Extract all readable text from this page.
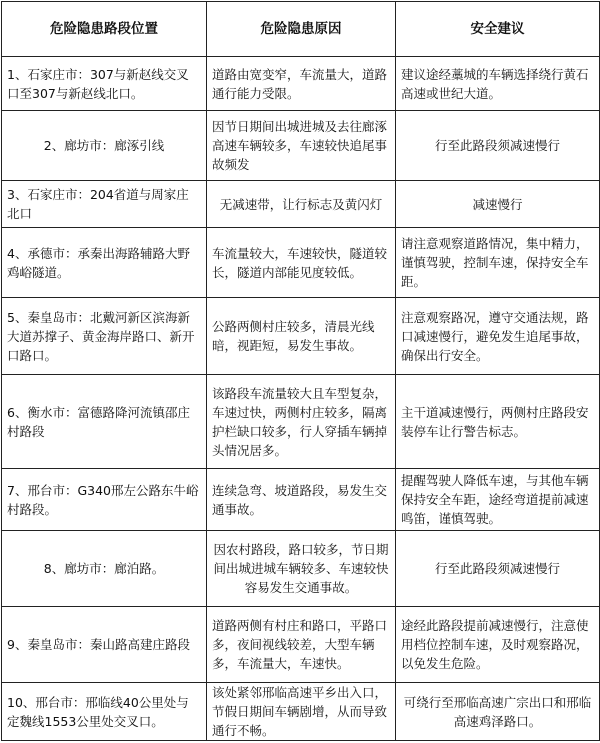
危险隐患路段位置	危险隐患原因	安全建议
1、石家庄市：307与新赵线交叉口至307与新赵线北口。	道路由宽变窄，车流量大，道路通行能力受限。	建议途经藁城的车辆选择绕行黄石高速或世纪大道。
2、廊坊市：廊涿引线	因节日期间出城进城及去往廊涿高速车辆较多，车速较快追尾事故频发	行至此路段须减速慢行
3、石家庄市：204省道与周家庄北口	无减速带，让行标志及黄闪灯	减速慢行
4、承德市：承秦出海路辅路大野鸡峪隧道。	车流量较大，车速较快，隧道较长，隧道内部能见度较低。	请注意观察道路情况，集中精力，谨慎驾驶，控制车速，保持安全车距。
5、秦皇岛市：北戴河新区滨海新大道苏撑子、黄金海岸路口、新开口路口。	公路两侧村庄较多，清晨光线暗，视距短，易发生事故。	注意观察路况，遵守交通法规，路口减速慢行，避免发生追尾事故，确保出行安全。
6、衡水市：富德路降河流镇邵庄村路段	该路段车流量较大且车型复杂，车速过快，两侧村庄较多，隔离护栏缺口较多，行人穿插车辆掉头情况居多。	主干道减速慢行，两侧村庄路段安装停车让行警告标志。
7、邢台市：G340邢左公路东牛峪村路段。	连续急弯、坡道路段，易发生交通事故。	提醒驾驶人降低车速，与其他车辆保持安全车距，途经弯道提前减速鸣笛，谨慎驾驶。
8、廊坊市：廊泊路。	因农村路段，路口较多，节日期间出城进城车辆较多、车速较快容易发生交通事故。	行至此路段须减速慢行
9、秦皇岛市：秦山路高建庄路段	道路两侧有村庄和路口，平路口多，夜间视线较差，大型车辆多，车流量大，车速快。	途经此路段提前减速慢行，注意使用档位控制车速，及时观察路况，以免发生危险。
10、邢台市：邢临线40公里处与定魏线1553公里处交叉口。	该处紧邻邢临高速平乡出入口，节假日期间车辆剧增，从而导致通行不畅。	可绕行至邢临高速广宗出口和邢临高速鸡泽路口。
